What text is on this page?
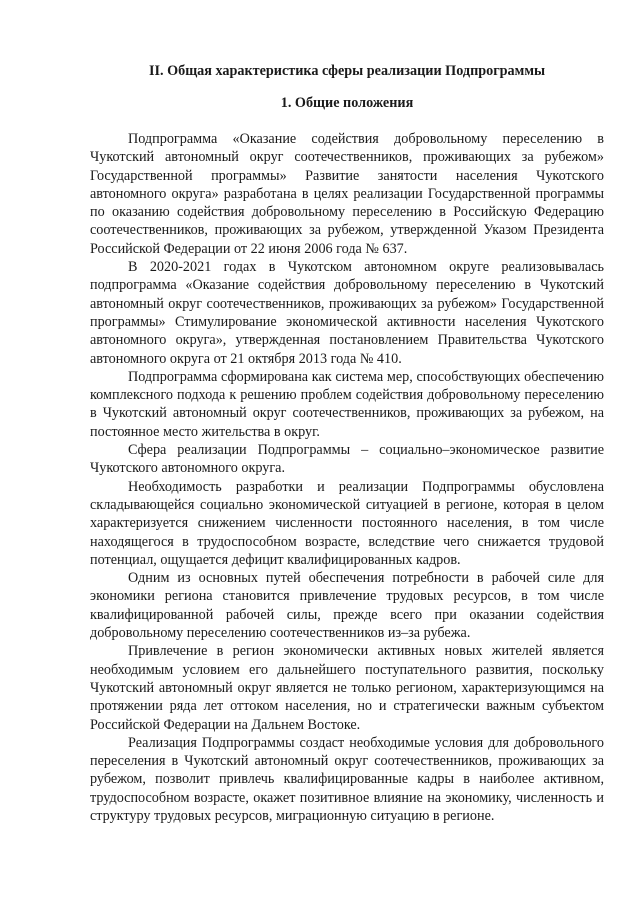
II. Общая характеристика сферы реализации Подпрограммы

1. Общие положения

Подпрограмма «Оказание содействия добровольному переселению в Чукотский автономный округ соотечественников, проживающих за рубежом» Государственной программы» Развитие занятости населения Чукотского автономного округа» разработана в целях реализации Государственной программы по оказанию содействия добровольному переселению в Российскую Федерацию соотечественников, проживающих за рубежом, утвержденной Указом Президента Российской Федерации от 22 июня 2006 года № 637.

В 2020-2021 годах в Чукотском автономном округе реализовывалась подпрограмма «Оказание содействия добровольному переселению в Чукотский автономный округ соотечественников, проживающих за рубежом» Государственной программы» Стимулирование экономической активности населения Чукотского автономного округа», утвержденная постановлением Правительства Чукотского автономного округа от 21 октября 2013 года № 410.

Подпрограмма сформирована как система мер, способствующих обеспечению комплексного подхода к решению проблем содействия добровольному переселению в Чукотский автономный округ соотечественников, проживающих за рубежом, на постоянное место жительства в округ.

Сфера реализации Подпрограммы – социально–экономическое развитие Чукотского автономного округа.

Необходимость разработки и реализации Подпрограммы обусловлена складывающейся социально экономической ситуацией в регионе, которая в целом характеризуется снижением численности постоянного населения, в том числе находящегося в трудоспособном возрасте, вследствие чего снижается трудовой потенциал, ощущается дефицит квалифицированных кадров.

Одним из основных путей обеспечения потребности в рабочей силе для экономики региона становится привлечение трудовых ресурсов, в том числе квалифицированной рабочей силы, прежде всего при оказании содействия добровольному переселению соотечественников из–за рубежа.

Привлечение в регион экономически активных новых жителей является необходимым условием его дальнейшего поступательного развития, поскольку Чукотский автономный округ является не только регионом, характеризующимся на протяжении ряда лет оттоком населения, но и стратегически важным субъектом Российской Федерации на Дальнем Востоке.

Реализация Подпрограммы создаст необходимые условия для добровольного переселения в Чукотский автономный округ соотечественников, проживающих за рубежом, позволит привлечь квалифицированные кадры в наиболее активном, трудоспособном возрасте, окажет позитивное влияние на экономику, численность и структуру трудовых ресурсов, миграционную ситуацию в регионе.
